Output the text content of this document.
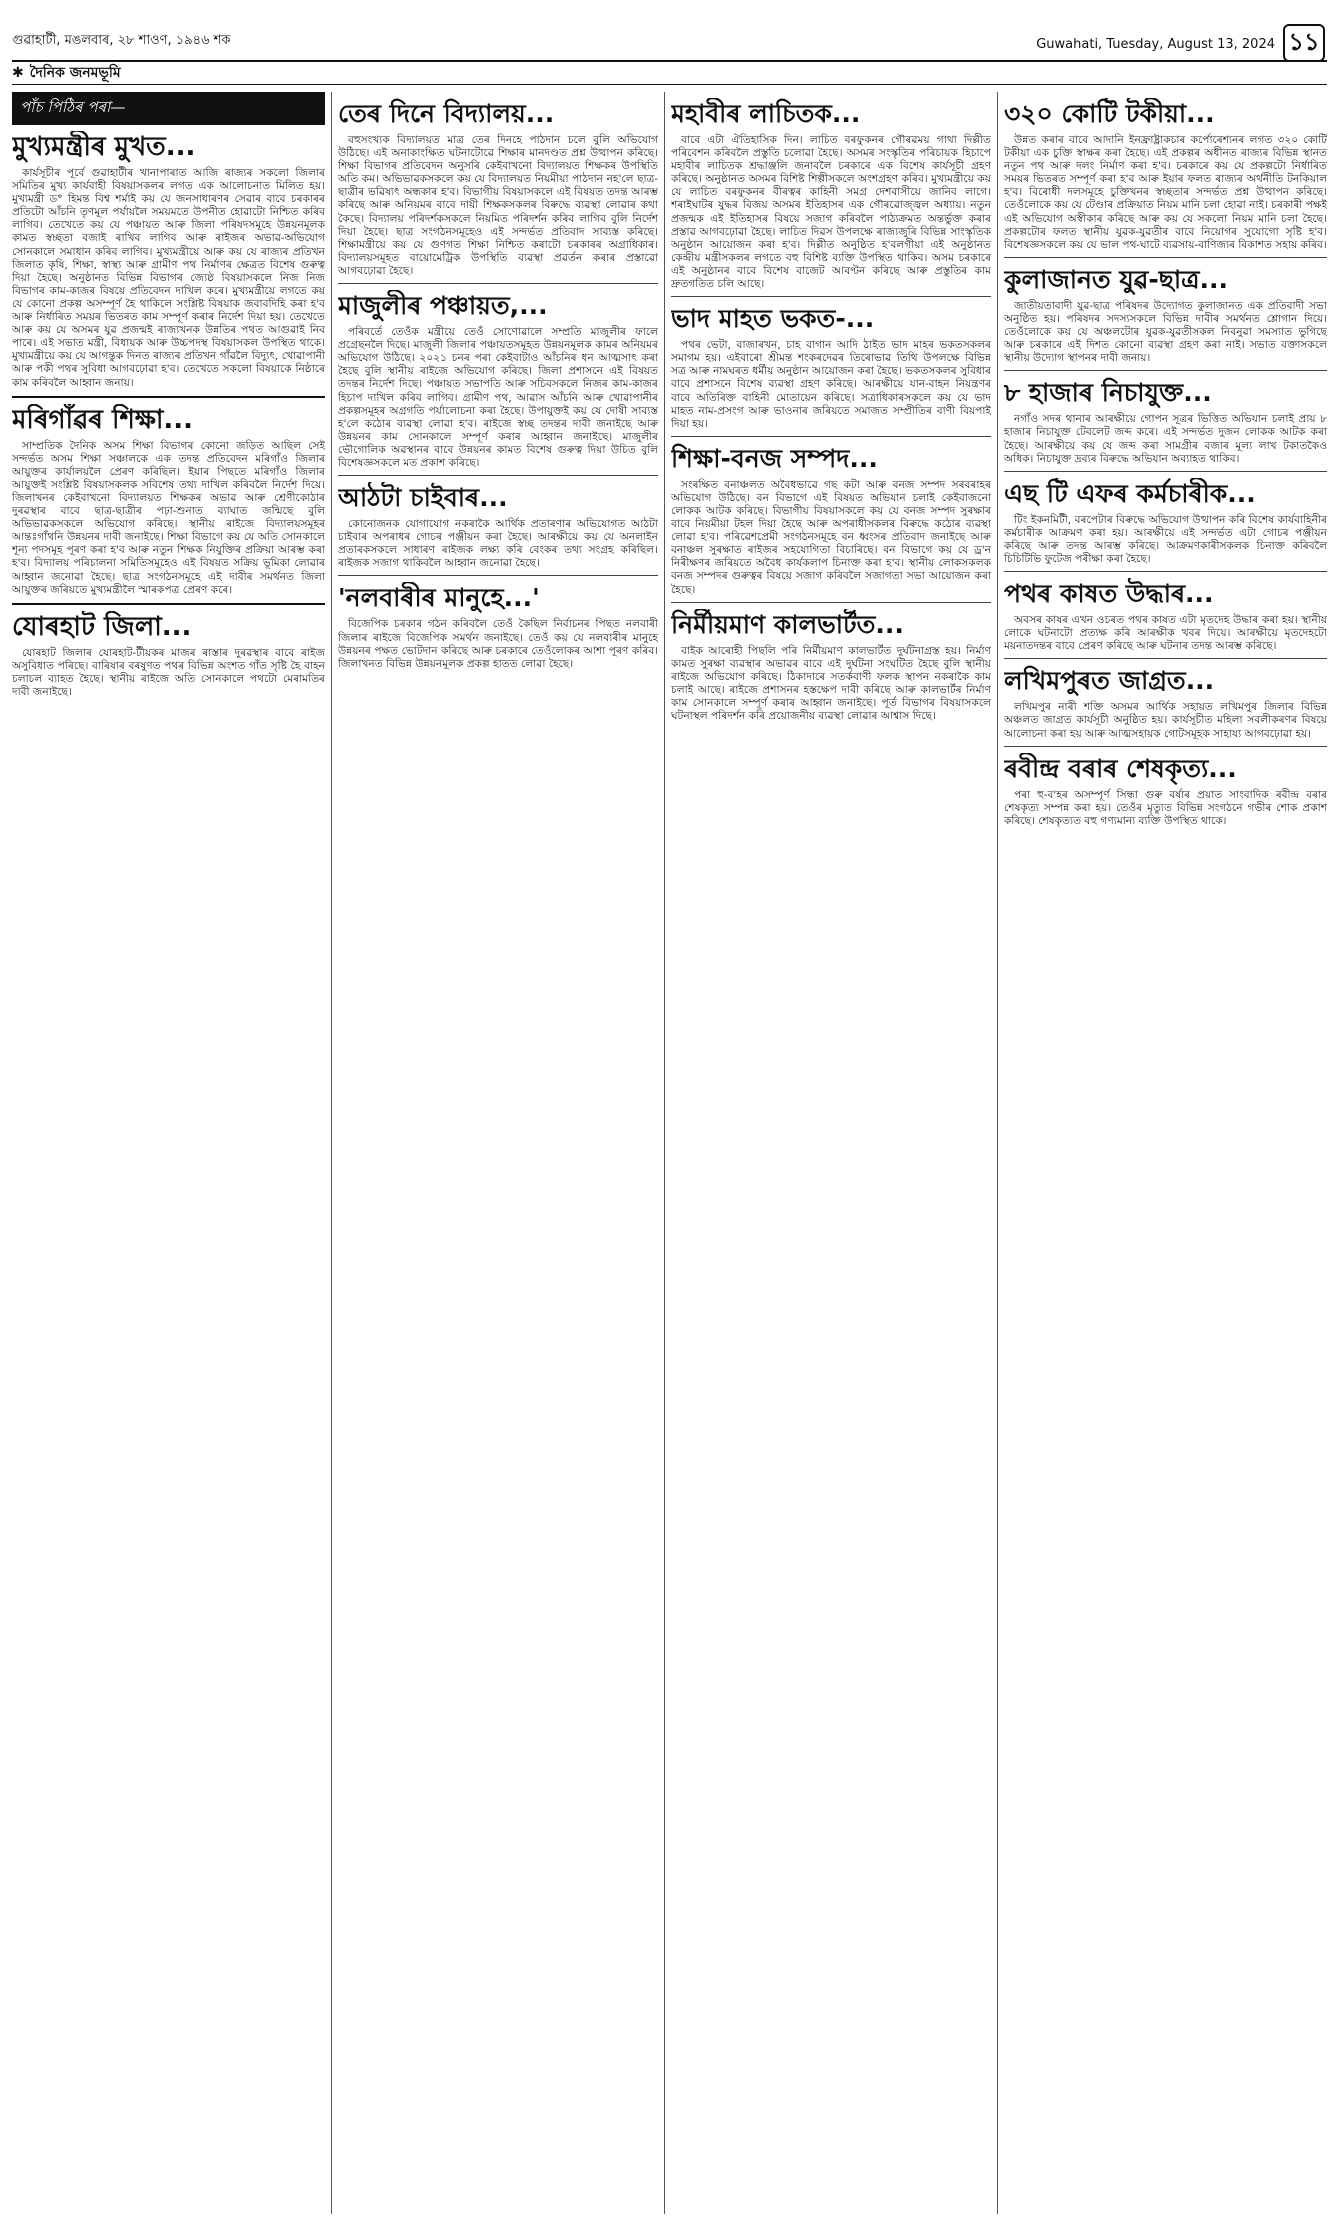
গুৱাহাটী, মঙলবাৰ, ২৮ শাওণ, ১৯৪৬ শক	Guwahati, Tuesday, August 13, 2024 ১১
✱ দৈনিক জনমভূমি
পাঁচ পিঠিৰ পৰা—
মুখ্যমন্ত্ৰীৰ মুখত...

কাৰ্যসূচীৰ পূৰ্বে গুৱাহাটীৰ খানাপাৰাত আজি ৰাজ্যৰ সকলো জিলাৰ সমিতিৰ মুখ্য কাৰ্যবাহী বিষয়াসকলৰ লগত এক আলোচনাত মিলিত হয়। মুখ্যমন্ত্ৰী ড° হিমন্ত বিশ্ব শৰ্মাই কয় যে জনসাধাৰণৰ সেৱাৰ বাবে চৰকাৰৰ প্ৰতিটো আঁচনি তৃণমূল পৰ্যায়লৈ সময়মতে উপনীত হোৱাটো নিশ্চিত কৰিব লাগিব। তেখেতে কয় যে পঞ্চায়ত আৰু জিলা পৰিষদসমূহে উন্নয়নমূলক কামত স্বচ্ছতা বজাই ৰাখিব লাগিব আৰু ৰাইজৰ অভাৱ-অভিযোগ সোনকালে সমাধান কৰিব লাগিব। মুখ্যমন্ত্ৰীয়ে আৰু কয় যে ৰাজ্যৰ প্ৰতিখন জিলাত কৃষি, শিক্ষা, স্বাস্থ্য আৰু গ্ৰামীণ পথ নিৰ্মাণৰ ক্ষেত্ৰত বিশেষ গুৰুত্ব দিয়া হৈছে। অনুষ্ঠানত বিভিন্ন বিভাগৰ জ্যেষ্ঠ বিষয়াসকলে নিজ নিজ বিভাগৰ কাম-কাজৰ বিষয়ে প্ৰতিবেদন দাখিল কৰে। মুখ্যমন্ত্ৰীয়ে লগতে কয় যে কোনো প্ৰকল্প অসম্পূৰ্ণ হৈ থাকিলে সংশ্লিষ্ট বিষয়াক জবাবদিহি কৰা হ'ব আৰু নিৰ্ধাৰিত সময়ৰ ভিতৰত কাম সম্পূৰ্ণ কৰাৰ নিৰ্দেশ দিয়া হয়। তেখেতে আৰু কয় যে অসমৰ যুৱ প্ৰজন্মই ৰাজ্যখনক উন্নতিৰ পথত আগুৱাই নিব পাৰে। এই সভাত মন্ত্ৰী, বিধায়ক আৰু উচ্চপদস্থ বিষয়াসকল উপস্থিত থাকে। মুখ্যমন্ত্ৰীয়ে কয় যে আগন্তুক দিনত ৰাজ্যৰ প্ৰতিখন গাঁৱলৈ বিদ্যুৎ, খোৱাপানী আৰু পকী পথৰ সুবিধা আগবঢ়োৱা হ'ব। তেখেতে সকলো বিষয়াকে নিষ্ঠাৰে কাম কৰিবলৈ আহ্বান জনায়।

মৰিগাঁৱৰ শিক্ষা...

সাম্প্ৰতিক দৈনিক অসম শিক্ষা বিভাগৰ কোনো জড়িত আছিল সেই সন্দৰ্ভত অসম শিক্ষা সঞ্চালকে এক তদন্ত প্ৰতিবেদন মৰিগাঁও জিলাৰ আয়ুক্তৰ কাৰ্যালয়লৈ প্ৰেৰণ কৰিছিল। ইয়াৰ পিছতে মৰিগাঁও জিলাৰ আয়ুক্তই সংশ্লিষ্ট বিষয়াসকলক সবিশেষ তথ্য দাখিল কৰিবলৈ নিৰ্দেশ দিয়ে। জিলাখনৰ কেইবাখনো বিদ্যালয়ত শিক্ষকৰ অভাৱ আৰু শ্ৰেণীকোঠাৰ দুৰৱস্থাৰ বাবে ছাত্ৰ-ছাত্ৰীৰ পঢ়া-শুনাত ব্যাঘাত জন্মিছে বুলি অভিভাৱকসকলে অভিযোগ কৰিছে। স্থানীয় ৰাইজে বিদ্যালয়সমূহৰ আন্তঃগাঁথনি উন্নয়নৰ দাবী জনাইছে। শিক্ষা বিভাগে কয় যে অতি সোনকালে শূন্য পদসমূহ পূৰণ কৰা হ'ব আৰু নতুন শিক্ষক নিযুক্তিৰ প্ৰক্ৰিয়া আৰম্ভ কৰা হ'ব। বিদ্যালয় পৰিচালনা সমিতিসমূহেও এই বিষয়ত সক্ৰিয় ভূমিকা লোৱাৰ আহ্বান জনোৱা হৈছে। ছাত্ৰ সংগঠনসমূহে এই দাবীৰ সমৰ্থনত জিলা আয়ুক্তৰ জৰিয়তে মুখ্যমন্ত্ৰীলৈ স্মাৰকপত্ৰ প্ৰেৰণ কৰে।

যোৰহাট জিলা...

যোৰহাট জিলাৰ যোৰহাট-টীয়কৰ মাজৰ ৰাস্তাৰ দুৰৱস্থাৰ বাবে ৰাইজ অসুবিধাত পৰিছে। বাৰিষাৰ বৰষুণত পথৰ বিভিন্ন অংশত গাঁত সৃষ্টি হৈ বাহন চলাচল ব্যাহত হৈছে। স্থানীয় ৰাইজে অতি সোনকালে পথটো মেৰামতিৰ দাবী জনাইছে।

তেৰ দিনে বিদ্যালয়...

বহুসংখ্যক বিদ্যালয়ত মাত্ৰ তেৰ দিনহে পাঠদান চলে বুলি অভিযোগ উঠিছে। এই অনাকাংক্ষিত ঘটনাটোৱে শিক্ষাৰ মানদণ্ডত প্ৰশ্ন উত্থাপন কৰিছে। শিক্ষা বিভাগৰ প্ৰতিবেদন অনুসৰি কেইবাখনো বিদ্যালয়ত শিক্ষকৰ উপস্থিতি অতি কম। অভিভাৱকসকলে কয় যে বিদ্যালয়ত নিয়মীয়া পাঠদান নহ'লে ছাত্ৰ-ছাত্ৰীৰ ভৱিষ্যৎ অন্ধকাৰ হ'ব। বিভাগীয় বিষয়াসকলে এই বিষয়ত তদন্ত আৰম্ভ কৰিছে আৰু অনিয়মৰ বাবে দায়ী শিক্ষকসকলৰ বিৰুদ্ধে ব্যৱস্থা লোৱাৰ কথা কৈছে। বিদ্যালয় পৰিদৰ্শকসকলে নিয়মিত পৰিদৰ্শন কৰিব লাগিব বুলি নিৰ্দেশ দিয়া হৈছে। ছাত্ৰ সংগঠনসমূহেও এই সন্দৰ্ভত প্ৰতিবাদ সাব্যস্ত কৰিছে। শিক্ষামন্ত্ৰীয়ে কয় যে গুণগত শিক্ষা নিশ্চিত কৰাটো চৰকাৰৰ অগ্ৰাধিকাৰ। বিদ্যালয়সমূহত বায়োমেট্ৰিক উপস্থিতি ব্যৱস্থা প্ৰৱৰ্তন কৰাৰ প্ৰস্তাৱো আগবঢ়োৱা হৈছে।

মাজুলীৰ পঞ্চায়ত,...

পৰিবৰ্তে তেওঁক মন্ত্ৰীয়ে তেওঁ সোণোৱালে সম্প্ৰতি মাজুলীৰ ফালে প্ৰগ্ৰেছনলৈ দিছে। মাজুলী জিলাৰ পঞ্চায়তসমূহত উন্নয়নমূলক কামৰ অনিয়মৰ অভিযোগ উঠিছে। ২০২১ চনৰ পৰা কেইবাটাও আঁচনিৰ ধন আত্মসাৎ কৰা হৈছে বুলি স্থানীয় ৰাইজে অভিযোগ কৰিছে। জিলা প্ৰশাসনে এই বিষয়ত তদন্তৰ নিৰ্দেশ দিছে। পঞ্চায়ত সভাপতি আৰু সচিবসকলে নিজৰ কাম-কাজৰ হিচাপ দাখিল কৰিব লাগিব। গ্ৰামীণ পথ, আৱাস আঁচনি আৰু খোৱাপানীৰ প্ৰকল্পসমূহৰ অগ্ৰগতি পৰ্যালোচনা কৰা হৈছে। উপায়ুক্তই কয় যে দোষী সাব্যস্ত হ'লে কঠোৰ ব্যৱস্থা লোৱা হ'ব। ৰাইজে স্বচ্ছ তদন্তৰ দাবী জনাইছে আৰু উন্নয়নৰ কাম সোনকালে সম্পূৰ্ণ কৰাৰ আহ্বান জনাইছে। মাজুলীৰ ভৌগোলিক অৱস্থানৰ বাবে উন্নয়নৰ কামত বিশেষ গুৰুত্ব দিয়া উচিত বুলি বিশেষজ্ঞসকলে মত প্ৰকাশ কৰিছে।

আঠটা চাইবাৰ...

কোনোজনক যোগাযোগ নকৰাকৈ আৰ্থিক প্ৰতাৰণাৰ অভিযোগত আঠটা চাইবাৰ অপৰাধৰ গোচৰ পঞ্জীয়ন কৰা হৈছে। আৰক্ষীয়ে কয় যে অনলাইন প্ৰতাৰকসকলে সাধাৰণ ৰাইজক লক্ষ্য কৰি বেংকৰ তথ্য সংগ্ৰহ কৰিছিল। ৰাইজক সজাগ থাকিবলৈ আহ্বান জনোৱা হৈছে।

'নলবাৰীৰ মানুহে...'

বিজেপিক চৰকাৰ গঠন কৰিবলৈ তেওঁ কৈছিল নিৰ্বাচনৰ পিছত নলবাৰী জিলাৰ ৰাইজে বিজেপিক সমৰ্থন জনাইছে। তেওঁ কয় যে নলবাৰীৰ মানুহে উন্নয়নৰ পক্ষত ভোটদান কৰিছে আৰু চৰকাৰে তেওঁলোকৰ আশা পূৰণ কৰিব। জিলাখনত বিভিন্ন উন্নয়নমূলক প্ৰকল্প হাতত লোৱা হৈছে।

মহাবীৰ লাচিতক...

বাবে এটা ঐতিহাসিক দিন। লাচিত বৰফুকনৰ গৌৰৱময় গাথা দিল্লীত পৰিবেশন কৰিবলৈ প্ৰস্তুতি চলোৱা হৈছে। অসমৰ সংস্কৃতিৰ পৰিচায়ক হিচাপে মহাবীৰ লাচিতক শ্ৰদ্ধাঞ্জলি জনাবলৈ চৰকাৰে এক বিশেষ কাৰ্যসূচী গ্ৰহণ কৰিছে। অনুষ্ঠানত অসমৰ বিশিষ্ট শিল্পীসকলে অংশগ্ৰহণ কৰিব। মুখ্যমন্ত্ৰীয়ে কয় যে লাচিত বৰফুকনৰ বীৰত্বৰ কাহিনী সমগ্ৰ দেশবাসীয়ে জানিব লাগে। শৰাইঘাটৰ যুদ্ধৰ বিজয় অসমৰ ইতিহাসৰ এক গৌৰৱোজ্জ্বল অধ্যায়। নতুন প্ৰজন্মক এই ইতিহাসৰ বিষয়ে সজাগ কৰিবলৈ পাঠ্যক্ৰমত অন্তৰ্ভুক্ত কৰাৰ প্ৰস্তাৱ আগবঢ়োৱা হৈছে। লাচিত দিৱস উপলক্ষে ৰাজ্যজুৰি বিভিন্ন সাংস্কৃতিক অনুষ্ঠান আয়োজন কৰা হ'ব। দিল্লীত অনুষ্ঠিত হ'বলগীয়া এই অনুষ্ঠানত কেন্দ্ৰীয় মন্ত্ৰীসকলৰ লগতে বহু বিশিষ্ট ব্যক্তি উপস্থিত থাকিব। অসম চৰকাৰে এই অনুষ্ঠানৰ বাবে বিশেষ বাজেট আবণ্টন কৰিছে আৰু প্ৰস্তুতিৰ কাম দ্ৰুতগতিত চলি আছে।

ভাদ মাহত ভকত-...

পথৰ ভেটা, বাজাৰখন, চাহ বাগান আদি ঠাইত ভাদ মাহৰ ভকতসকলৰ সমাগম হয়। এইবাৰো শ্ৰীমন্ত শংকৰদেৱৰ তিৰোভাৱ তিথি উপলক্ষে বিভিন্ন সত্ৰ আৰু নামঘৰত ধৰ্মীয় অনুষ্ঠান আয়োজন কৰা হৈছে। ভকতসকলৰ সুবিধাৰ বাবে প্ৰশাসনে বিশেষ ব্যৱস্থা গ্ৰহণ কৰিছে। আৰক্ষীয়ে যান-বাহন নিয়ন্ত্ৰণৰ বাবে অতিৰিক্ত বাহিনী মোতায়েন কৰিছে। সত্ৰাধিকাৰসকলে কয় যে ভাদ মাহত নাম-প্ৰসংগ আৰু ভাওনাৰ জৰিয়তে সমাজত সম্প্ৰীতিৰ বাণী বিয়পাই দিয়া হয়।

শিক্ষা-বনজ সম্পদ...

সংৰক্ষিত বনাঞ্চলত অবৈধভাৱে গছ কটা আৰু বনজ সম্পদ সৰবৰাহৰ অভিযোগ উঠিছে। বন বিভাগে এই বিষয়ত অভিযান চলাই কেইবাজনো লোকক আটক কৰিছে। বিভাগীয় বিষয়াসকলে কয় যে বনজ সম্পদ সুৰক্ষাৰ বাবে নিয়মীয়া টহল দিয়া হৈছে আৰু অপৰাধীসকলৰ বিৰুদ্ধে কঠোৰ ব্যৱস্থা লোৱা হ'ব। পৰিৱেশপ্ৰেমী সংগঠনসমূহে বন ধ্বংসৰ প্ৰতিবাদ জনাইছে আৰু বনাঞ্চল সুৰক্ষাত ৰাইজৰ সহযোগিতা বিচাৰিছে। বন বিভাগে কয় যে ড্ৰ'ন নিৰীক্ষণৰ জৰিয়তে অবৈধ কাৰ্যকলাপ চিনাক্ত কৰা হ'ব। স্থানীয় লোকসকলক বনজ সম্পদৰ গুৰুত্বৰ বিষয়ে সজাগ কৰিবলৈ সজাগতা সভা আয়োজন কৰা হৈছে।

নিৰ্মীয়মাণ কালভাৰ্টত...

বাইক আৰোহী পিছলি পৰি নিৰ্মীয়মাণ কালভাৰ্টত দুৰ্ঘটনাগ্ৰস্ত হয়। নিৰ্মাণ কামত সুৰক্ষা ব্যৱস্থাৰ অভাৱৰ বাবে এই দুৰ্ঘটনা সংঘটিত হৈছে বুলি স্থানীয় ৰাইজে অভিযোগ কৰিছে। ঠিকাদাৰে সতৰ্কবাণী ফলক স্থাপন নকৰাকৈ কাম চলাই আছে। ৰাইজে প্ৰশাসনৰ হস্তক্ষেপ দাবী কৰিছে আৰু কালভাৰ্টৰ নিৰ্মাণ কাম সোনকালে সম্পূৰ্ণ কৰাৰ আহ্বান জনাইছে। পূৰ্ত বিভাগৰ বিষয়াসকলে ঘটনাস্থল পৰিদৰ্শন কৰি প্ৰয়োজনীয় ব্যৱস্থা লোৱাৰ আশ্বাস দিছে।

৩২০ কোটি টকীয়া...

উন্নত কৰাৰ বাবে আদানি ইনফ্ৰাষ্ট্ৰাকচাৰ কৰ্পোৰেশ্যনৰ লগত ৩২০ কোটি টকীয়া এক চুক্তি স্বাক্ষৰ কৰা হৈছে। এই প্ৰকল্পৰ অধীনত ৰাজ্যৰ বিভিন্ন স্থানত নতুন পথ আৰু দলং নিৰ্মাণ কৰা হ'ব। চৰকাৰে কয় যে প্ৰকল্পটো নিৰ্ধাৰিত সময়ৰ ভিতৰত সম্পূৰ্ণ কৰা হ'ব আৰু ইয়াৰ ফলত ৰাজ্যৰ অৰ্থনীতি টনকিয়াল হ'ব। বিৰোধী দলসমূহে চুক্তিখনৰ স্বচ্ছতাৰ সন্দৰ্ভত প্ৰশ্ন উত্থাপন কৰিছে। তেওঁলোকে কয় যে টেণ্ডাৰ প্ৰক্ৰিয়াত নিয়ম মানি চলা হোৱা নাই। চৰকাৰী পক্ষই এই অভিযোগ অস্বীকাৰ কৰিছে আৰু কয় যে সকলো নিয়ম মানি চলা হৈছে। প্ৰকল্পটোৰ ফলত স্থানীয় যুৱক-যুৱতীৰ বাবে নিয়োগৰ সুযোগো সৃষ্টি হ'ব। বিশেষজ্ঞসকলে কয় যে ভাল পথ-ঘাটে ব্যৱসায়-বাণিজ্যৰ বিকাশত সহায় কৰিব।

কুলাজানত যুৱ-ছাত্ৰ...

জাতীয়তাবাদী যুৱ-ছাত্ৰ পৰিষদৰ উদ্যোগত কুলাজানত এক প্ৰতিবাদী সভা অনুষ্ঠিত হয়। পৰিষদৰ সদস্যসকলে বিভিন্ন দাবীৰ সমৰ্থনত শ্লোগান দিয়ে। তেওঁলোকে কয় যে অঞ্চলটোৰ যুৱক-যুৱতীসকল নিবনুৱা সমস্যাত ভুগিছে আৰু চৰকাৰে এই দিশত কোনো ব্যৱস্থা গ্ৰহণ কৰা নাই। সভাত বক্তাসকলে স্থানীয় উদ্যোগ স্থাপনৰ দাবী জনায়।

৮ হাজাৰ নিচাযুক্ত...

নগাঁও সদৰ থানাৰ আৰক্ষীয়ে গোপন সূত্ৰৰ ভিত্তিত অভিযান চলাই প্ৰায় ৮ হাজাৰ নিচাযুক্ত টেবলেট জব্দ কৰে। এই সন্দৰ্ভত দুজন লোকক আটক কৰা হৈছে। আৰক্ষীয়ে কয় যে জব্দ কৰা সামগ্ৰীৰ বজাৰ মূল্য লাখ টকাতকৈও অধিক। নিচাযুক্ত দ্ৰব্যৰ বিৰুদ্ধে অভিযান অব্যাহত থাকিব।

এছ টি এফৰ কৰ্মচাৰীক...

টিং ইকনমিটী, বৰপেটাৰ বিৰুদ্ধে অভিযোগ উত্থাপন কৰি বিশেষ কাৰ্যবাহিনীৰ কৰ্মচাৰীক আক্ৰমণ কৰা হয়। আৰক্ষীয়ে এই সন্দৰ্ভত এটা গোচৰ পঞ্জীয়ন কৰিছে আৰু তদন্ত আৰম্ভ কৰিছে। আক্ৰমণকাৰীসকলক চিনাক্ত কৰিবলৈ চিচিটিভি ফুটেজ পৰীক্ষা কৰা হৈছে।

পথৰ কাষত উদ্ধাৰ...

অবসৰ কাষৰ এখন ওচৰত পথৰ কাষত এটা মৃতদেহ উদ্ধাৰ কৰা হয়। স্থানীয় লোকে ঘটনাটো প্ৰত্যক্ষ কৰি আৰক্ষীক খবৰ দিয়ে। আৰক্ষীয়ে মৃতদেহটো ময়নাতদন্তৰ বাবে প্ৰেৰণ কৰিছে আৰু ঘটনাৰ তদন্ত আৰম্ভ কৰিছে।

লখিমপুৰত জাগ্ৰত...

লখিমপুৰ নাৰী শক্তি অসমৰ আৰ্থিক সহায়ত লখিমপুৰ জিলাৰ বিভিন্ন অঞ্চলত জাগ্ৰত কাৰ্যসূচী অনুষ্ঠিত হয়। কাৰ্যসূচীত মহিলা সবলীকৰণৰ বিষয়ে আলোচনা কৰা হয় আৰু আত্মসহায়ক গোটসমূহক সাহায্য আগবঢ়োৱা হয়।

ৰবীন্দ্ৰ বৰাৰ শেষকৃত্য...

পৰা হু-ব'হৰ অসম্পূৰ্ণ সিন্ধা গুৰু বৰ্ষাৰ প্ৰয়াত সাংবাদিক ৰবীন্দ্ৰ বৰাৰ শেষকৃত্য সম্পন্ন কৰা হয়। তেওঁৰ মৃত্যুত বিভিন্ন সংগঠনে গভীৰ শোক প্ৰকাশ কৰিছে। শেষকৃত্যত বহু গণ্যমান্য ব্যক্তি উপস্থিত থাকে।
